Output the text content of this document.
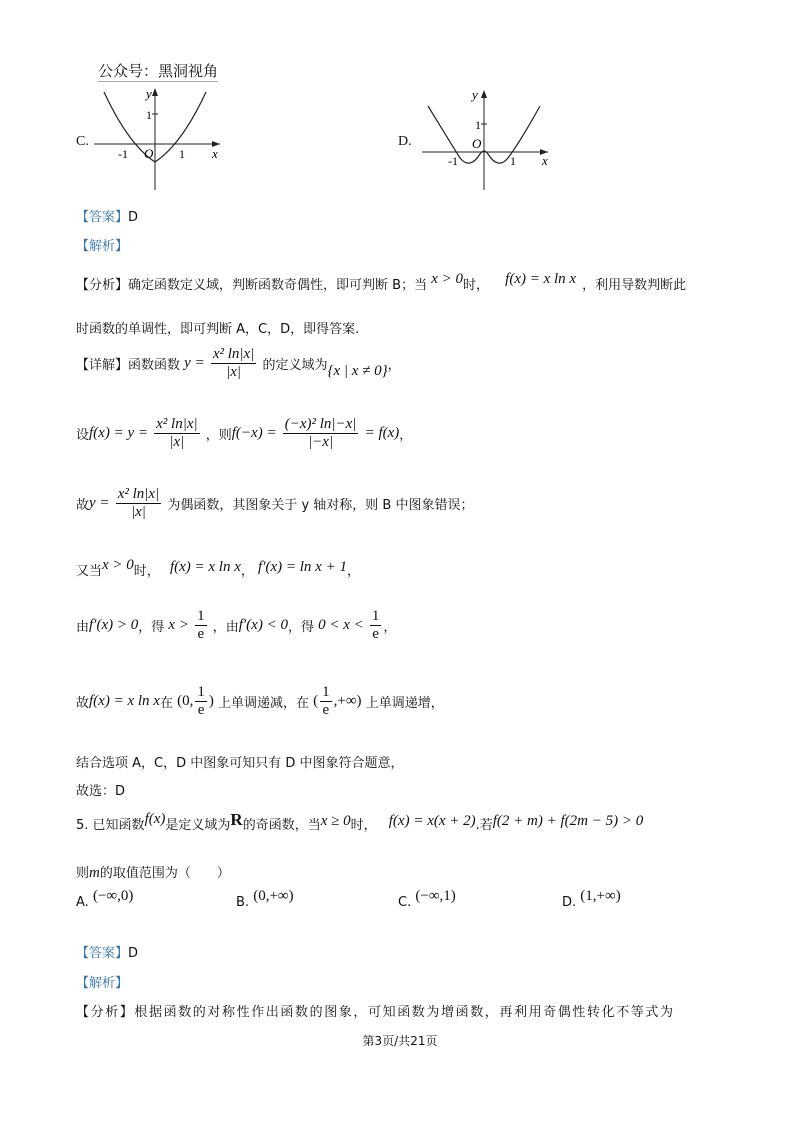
公众号：黑洞视角
C.
y
x
1
-1 O 1
D.
y
x
1
-1
O
1
【答案】D
【解析】
【分析】确定函数定义域，判断函数奇偶性，即可判断 B；当 x > 0时， f(x) = x ln x ，利用导数判断此
时函数的单调性，即可判断 A，C，D，即得答案.
【详解】函数函数 $y = \frac{\text{x² ln|x|}}{|x|}$ 的定义域为{x | x ≠ 0}，
设$f(x) = y = \frac{\text{x² ln|x|}}{|x|}$ ，则$f(-x) = \frac{\text{(−x)² ln|−x|}}{|-x|} = f(x)$，
故$y = \frac{\text{x² ln|x|}}{|x|}$ 为偶函数，其图象关于 y 轴对称，则 B 中图象错误；
又当x > 0时， f(x) = x ln x， f′(x) = ln x + 1，
由f′(x) > 0，得 $x > \frac{1}{e}$ ，由f′(x) < 0，得 $0 < x < \frac{1}{e}$ ，
故f(x) = x ln x在 (0, $\frac{1}{e}$ ) 上单调递减，在 ( $\frac{1}{e}$ ,+∞) 上单调递增，
结合选项 A，C，D 中图象可知只有 D 中图象符合题意，
故选：D
5. 已知函数f(x)是定义域为R的奇函数，当x ≥ 0时， f(x) = x(x + 2).若f(2 + m) + f(2m − 5) > 0
则m的取值范围为（　　）
A. (−∞,0)	B. (0,+∞)	C. (−∞,1)	D. (1,+∞)
【答案】D
【解析】
【分析】根据函数的对称性作出函数的图象，可知函数为增函数，再利用奇偶性转化不等式为
第3页/共21页
